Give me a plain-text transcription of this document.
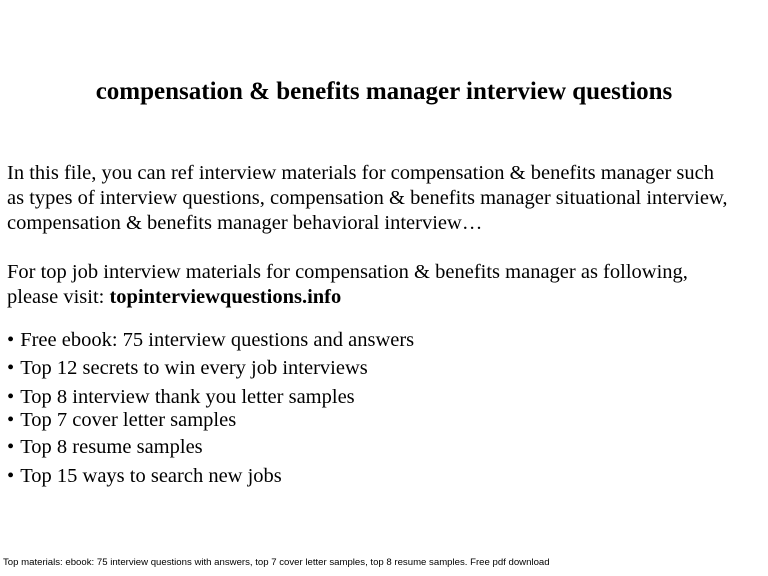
compensation & benefits manager interview questions

In this file, you can ref interview materials for compensation & benefits manager such
as types of interview questions, compensation & benefits manager situational interview,
compensation & benefits manager behavioral interview…

For top job interview materials for compensation & benefits manager as following,
please visit: topinterviewquestions.info

• Free ebook: 75 interview questions and answers
• Top 12 secrets to win every job interviews
• Top 8 interview thank you letter samples
• Top 7 cover letter samples
• Top 8 resume samples
• Top 15 ways to search new jobs
Top materials: ebook: 75 interview questions with answers, top 7 cover letter samples, top 8 resume samples. Free pdf download
